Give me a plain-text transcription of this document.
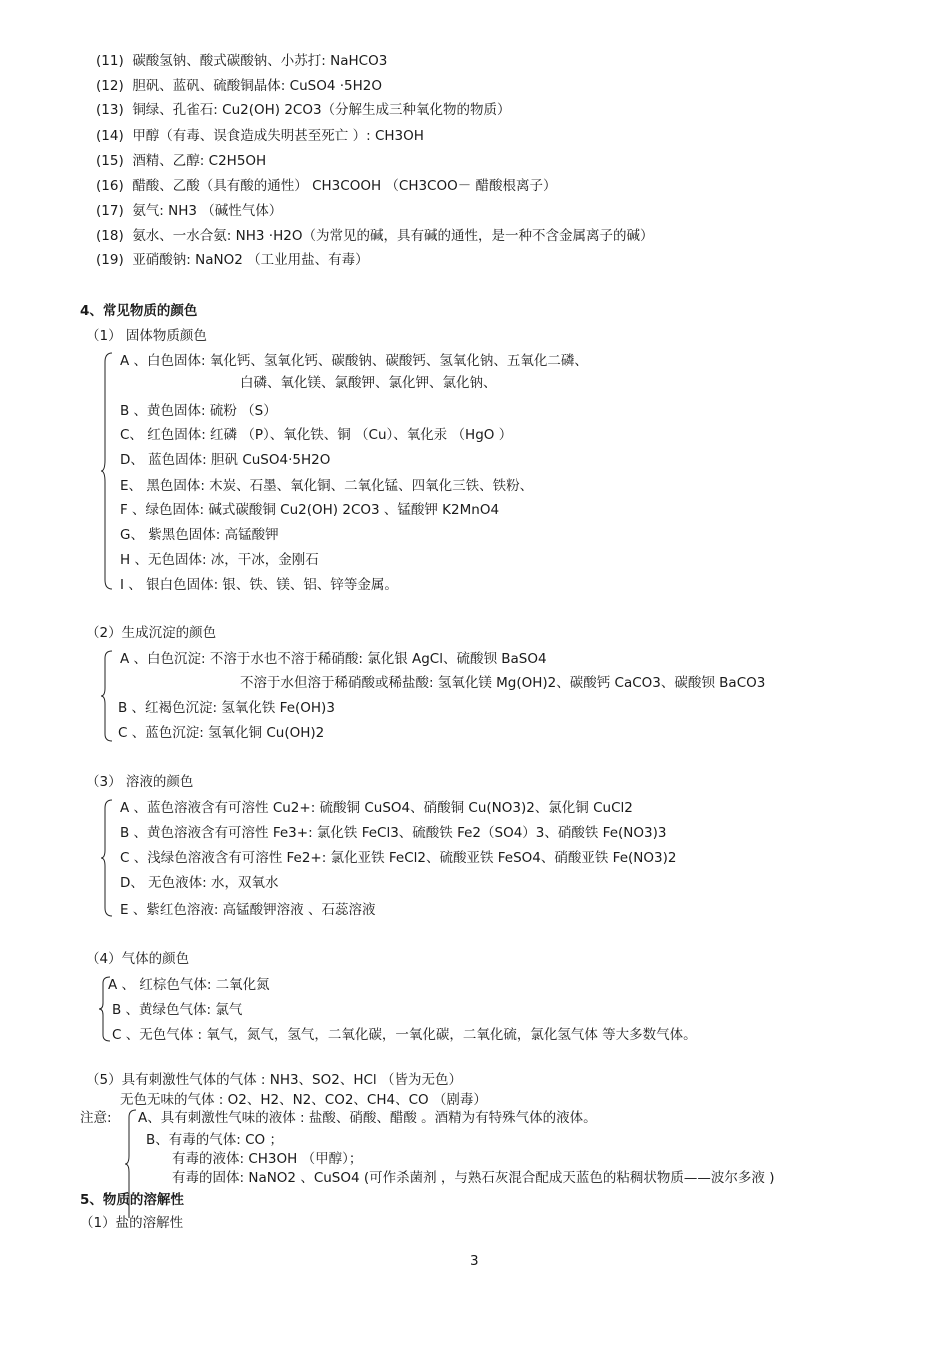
(11) 碳酸氢钠、酸式碳酸钠、小苏打: NaHCO3
(12) 胆矾、蓝矾、硫酸铜晶体: CuSO4 ·5H2O
(13) 铜绿、孔雀石: Cu2(OH) 2CO3（分解生成三种氧化物的物质）
(14) 甲醇（有毒、误食造成失明甚至死亡 ）: CH3OH
(15) 酒精、乙醇: C2H5OH
(16) 醋酸、乙酸（具有酸的通性） CH3COOH （CH3COO－ 醋酸根离子）
(17) 氨气: NH3 （碱性气体）
(18) 氨水、一水合氨: NH3 ·H2O（为常见的碱，具有碱的通性，是一种不含金属离子的碱）
(19) 亚硝酸钠: NaNO2 （工业用盐、有毒）
4、常见物质的颜色
（1） 固体物质颜色
A 、白色固体: 氧化钙、氢氧化钙、碳酸钠、碳酸钙、氢氧化钠、五氧化二磷、
白磷、氧化镁、氯酸钾、氯化钾、氯化钠、
B 、黄色固体: 硫粉 （S）
C、 红色固体: 红磷 （P）、氧化铁、铜 （Cu）、氧化汞 （HgO ）
D、 蓝色固体: 胆矾 CuSO4·5H2O
E、 黑色固体: 木炭、石墨、氧化铜、二氧化锰、四氧化三铁、铁粉、
F 、绿色固体: 碱式碳酸铜 Cu2(OH) 2CO3 、锰酸钾 K2MnO4
G、 紫黑色固体: 高锰酸钾
H 、无色固体: 冰，干冰，金刚石
I 、 银白色固体: 银、铁、镁、铝、锌等金属。
（2）生成沉淀的颜色
A 、白色沉淀: 不溶于水也不溶于稀硝酸: 氯化银 AgCl、硫酸钡 BaSO4
不溶于水但溶于稀硝酸或稀盐酸: 氢氧化镁 Mg(OH)2、碳酸钙 CaCO3、碳酸钡 BaCO3
B 、红褐色沉淀: 氢氧化铁 Fe(OH)3
C 、蓝色沉淀: 氢氧化铜 Cu(OH)2
（3） 溶液的颜色
A 、蓝色溶液含有可溶性 Cu2+: 硫酸铜 CuSO4、硝酸铜 Cu(NO3)2、氯化铜 CuCl2
B 、黄色溶液含有可溶性 Fe3+: 氯化铁 FeCl3、硫酸铁 Fe2（SO4）3、硝酸铁 Fe(NO3)3
C 、浅绿色溶液含有可溶性 Fe2+: 氯化亚铁 FeCl2、硫酸亚铁 FeSO4、硝酸亚铁 Fe(NO3)2
D、 无色液体: 水，双氧水
E 、紫红色溶液: 高锰酸钾溶液 、石蕊溶液
（4）气体的颜色
A 、 红棕色气体: 二氧化氮
B 、黄绿色气体: 氯气
C 、无色气体 : 氧气，氮气，氢气，二氧化碳，一氧化碳，二氧化硫，氯化氢气体 等大多数气体。
（5）具有刺激性气体的气体 : NH3、SO2、HCl （皆为无色）
无色无味的气体 : O2、H2、N2、CO2、CH4、CO （剧毒）
注意: A、具有刺激性气味的液体 : 盐酸、硝酸、醋酸 。酒精为有特殊气体的液体。
B、有毒的气体: CO ；
有毒的液体: CH3OH （甲醇）；
有毒的固体: NaNO2 、CuSO4 (可作杀菌剂 ，与熟石灰混合配成天蓝色的粘稠状物质——波尔多液 )
5、物质的溶解性
（1）盐的溶解性
3
